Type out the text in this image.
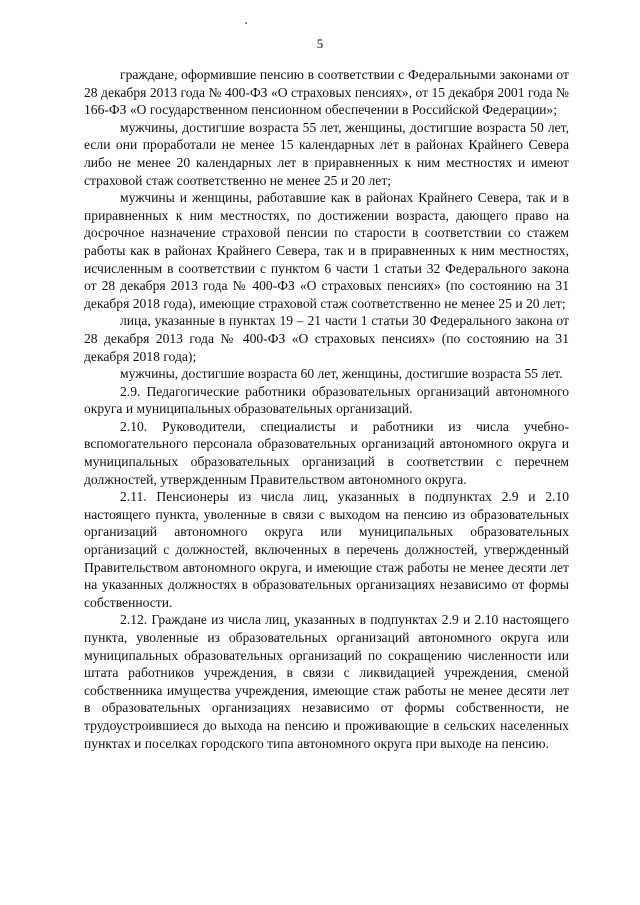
5

граждане, оформившие пенсию в соответствии с Федеральными законами от 28 декабря 2013 года № 400-ФЗ «О страховых пенсиях», от 15 декабря 2001 года № 166-ФЗ «О государственном пенсионном обеспечении в Российской Федерации»;

мужчины, достигшие возраста 55 лет, женщины, достигшие возраста 50 лет, если они проработали не менее 15 календарных лет в районах Крайнего Севера либо не менее 20 календарных лет в приравненных к ним местностях и имеют страховой стаж соответственно не менее 25 и 20 лет;

мужчины и женщины, работавшие как в районах Крайнего Севера, так и в приравненных к ним местностях, по достижении возраста, дающего право на досрочное назначение страховой пенсии по старости в соответствии со стажем работы как в районах Крайнего Севера, так и в приравненных к ним местностях, исчисленным в соответствии с пунктом 6 части 1 статьи 32 Федерального закона от 28 декабря 2013 года № 400-ФЗ «О страховых пенсиях» (по состоянию на 31 декабря 2018 года), имеющие страховой стаж соответственно не менее 25 и 20 лет;

лица, указанные в пунктах 19 – 21 части 1 статьи 30 Федерального закона от 28 декабря 2013 года № 400-ФЗ «О страховых пенсиях» (по состоянию на 31 декабря 2018 года);

мужчины, достигшие возраста 60 лет, женщины, достигшие возраста 55 лет.

2.9. Педагогические работники образовательных организаций автономного округа и муниципальных образовательных организаций.

2.10. Руководители, специалисты и работники из числа учебно-вспомогательного персонала образовательных организаций автономного округа и муниципальных образовательных организаций в соответствии с перечнем должностей, утвержденным Правительством автономного округа.

2.11. Пенсионеры из числа лиц, указанных в подпунктах 2.9 и 2.10 настоящего пункта, уволенные в связи с выходом на пенсию из образовательных организаций автономного округа или муниципальных образовательных организаций с должностей, включенных в перечень должностей, утвержденный Правительством автономного округа, и имеющие стаж работы не менее десяти лет на указанных должностях в образовательных организациях независимо от формы собственности.

2.12. Граждане из числа лиц, указанных в подпунктах 2.9 и 2.10 настоящего пункта, уволенные из образовательных организаций автономного округа или муниципальных образовательных организаций по сокращению численности или штата работников учреждения, в связи с ликвидацией учреждения, сменой собственника имущества учреждения, имеющие стаж работы не менее десяти лет в образовательных организациях независимо от формы собственности, не трудоустроившиеся до выхода на пенсию и проживающие в сельских населенных пунктах и поселках городского типа автономного округа при выходе на пенсию.
